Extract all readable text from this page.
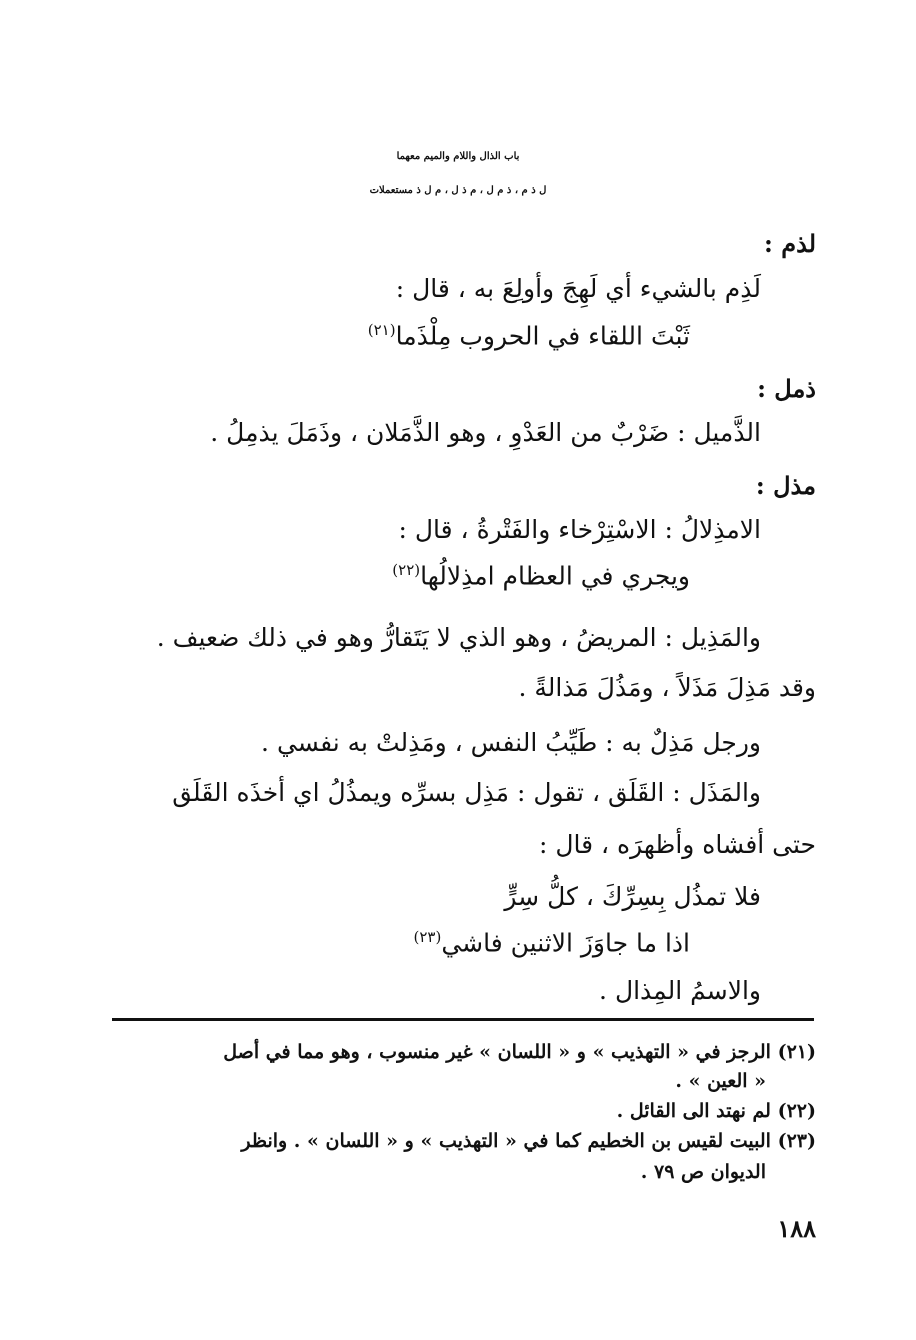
باب الذال واللام والميم معهما
ل ذ م ، ذ م ل ، م ذ ل ، م ل ذ مستعملات
لذم :
لَذِم بالشيء أي لَهِجَ وأولِعَ به ، قال :
ثَبْتَ اللقاء في الحروب مِلْذَما$^{(٢١)}$
ذمل :
الذَّميل : ضَرْبٌ من العَدْوِ ، وهو الذَّمَلان ، وذَمَلَ يذمِلُ .
مذل :
الامذِلالُ : الاسْتِرْخاء والفَتْرةُ ، قال :
ويجري في العظام امذِلالُها$^{(٢٢)}$
والمَذِيل : المريضُ ، وهو الذي لا يَتَقارُّ وهو في ذلك ضعيف .
وقد مَذِلَ مَذَلاً ، ومَذُلَ مَذالةً .
ورجل مَذِلٌ به : طَيِّبُ النفس ، ومَذِلتْ به نفسي .
والمَذَل : القَلَق ، تقول : مَذِل بسرِّه ويمذُلُ اي أخذَه القَلَق
حتى أفشاه وأظهرَه ، قال :
فلا تمذُل بِسِرِّكَ ، كلُّ سِرٍّ
اذا ما جاوَزَ الاثنين فاشي$^{(٢٣)}$
والاسمُ المِذال .
(٢١) الرجز في « التهذيب » و « اللسان » غير منسوب ، وهو مما في أصل
« العين » .
(٢٢) لم نهتد الى القائل .
(٢٣) البيت لقيس بن الخطيم كما في « التهذيب » و « اللسان » . وانظر
الديوان ص ٧٩ .
١٨٨
